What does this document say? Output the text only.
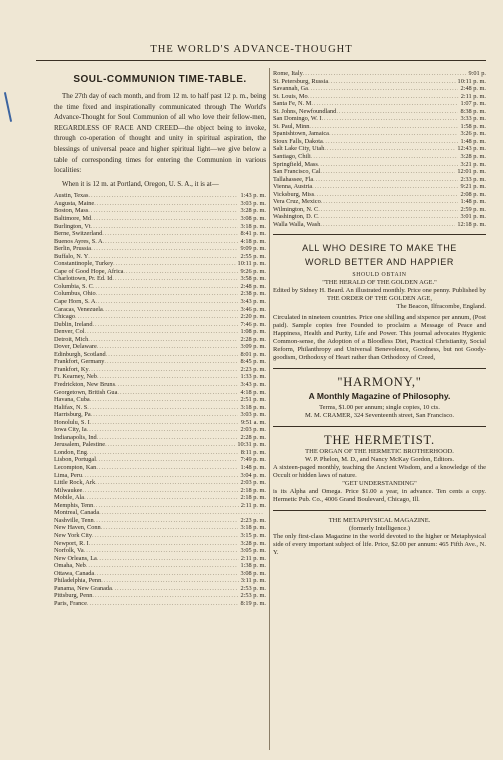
THE WORLD'S ADVANCE-THOUGHT
SOUL-COMMUNION TIME-TABLE.

The 27th day of each month, and from 12 m. to half past 12 p. m., being the time fixed and inspirationally communicated through The World's Advance-Thought for Soul Communion of all who love their fellow-men, REGARDLESS OF RACE AND CREED—the object being to invoke, through co-operation of thought and unity in spiritual aspiration, the blessings of universal peace and higher spiritual light—we give below a table of corresponding times for entering the Communion in various localities:

When it is 12 m. at Portland, Oregon, U. S. A., it is at—

Austin, Texas .....	1:43 p. m.
Augusta, Maine .....	3:03 p. m.
Boston, Mass .....	3:28 p. m.
Baltimore, Md .....	3:08 p. m.
Burlington, Vt .....	3:18 p. m.
Berne, Switzerland .....	8:41 p. m.
Buenos Ayres, S. A .....	4:18 p. m.
Berlin, Prussia .....	9:09 p. m.
Buffalo, N. Y .....	2:55 p. m.
Constantinople, Turkey .....	10:11 p. m.
Cape of Good Hope, Africa .....	9:26 p. m.
Charlottown, Pr. Ed. Id .....	3:58 p. m.
Columbia, S. C .....	2:48 p. m.
Columbus, Ohio .....	2:38 p. m.
Cape Horn, S. A .....	3:43 p. m.
Caracas, Venezuela .....	3:46 p. m.
Chicago .....	2:20 p. m.
Dublin, Ireland .....	7:46 p. m.
Denver, Col .....	1:08 p. m.
Detroit, Mich .....	2:28 p. m.
Dover, Delaware .....	3:09 p. m.
Edinburgh, Scotland .....	8:01 p. m.
Frankfort, Germany .....	8:45 p. m.
Frankfort, Ky .....	2:23 p. m.
Ft. Kearney, Neb .....	1:33 p. m.
Fredrickton, New Bruns .....	3:43 p. m.
Georgetown, British Gua .....	4:18 p. m.
Havana, Cuba .....	2:51 p. m.
Halifax, N. S .....	3:18 p. m.
Harrisburg, Pa .....	3:03 p. m.
Honolulu, S. I .....	9:51 a. m.
Iowa City, Ia .....	2:03 p. m.
Indianapolis, Ind .....	2:28 p. m.
Jerusalem, Palestine .....	10:31 p. m.
London, Eng .....	8:11 p. m.
Lisbon, Portugal .....	7:49 p. m.
Lecompton, Kan .....	1:48 p. m.
Lima, Peru .....	3:04 p. m.
Little Rock, Ark .....	2:03 p. m.
Milwaukee .....	2:18 p. m.
Mobile, Ala .....	2:18 p. m.
Memphis, Tenn .....	2:11 p. m.
Montreal, Canada
.....
Nashville, Tenn .....	2:23 p. m.
New Haven, Conn .....	3:18 p. m.
New York City .....	3:15 p. m.
Newport, R. I .....	3:28 p. m.
Norfolk, Va .....	3:05 p. m.
New Orleans, La .....	2:11 p. m.
Omaha, Neb .....	1:38 p. m.
Ottawa, Canada .....	3:08 p. m.
Philadelphia, Penn .....	3:11 p. m.
Panama, New Granada .....	2:53 p. m.
Pittsburg, Penn .....	2:53 p. m.
Paris, France .....	8:19 p. m.
Rome, Italy .....	9:01 p.
St. Petersburg, Russia .....	10:11 p. m.
Savannah, Ga .....	2:48 p. m.
St. Louis, Mo .....	2:11 p. m.
Santa Fe, N. M .....	1:07 p. m.
St. Johns, Newfoundland .....	8:38 p. m.
San Domingo, W. I .....	3:33 p. m.
St. Paul, Minn .....	1:58 p. m.
Spanishtown, Jamaica .....	3:26 p. m.
Sioux Falls, Dakota .....	1:48 p. m.
Salt Lake City, Utah .....	12:43 p. m.
Santiago, Chili .....	3:28 p. m.
Springfield, Mass .....	3:21 p. m.
San Francisco, Cal .....	12:01 p. m.
Tallahassee, Fla .....	2:33 p. m.
Vienna, Austria .....	9:21 p. m.
Vicksburg, Miss .....	2:08 p. m.
Vera Cruz, Mexico .....	1:48 p. m.
Wilmington, N. C .....	2:59 p. m.
Washington, D. C .....	3:01 p. m.
Walla Walla, Wash .....	12:18 p. m.
ALL WHO DESIRE TO MAKE THE
WORLD BETTER AND HAPPIER
SHOULD OBTAIN
"THE HERALD OF THE GOLDEN AGE."
Edited by Sidney H. Beard. An illustrated monthly. Price one penny. Published by
THE ORDER OF THE GOLDEN AGE,
The Beacon, Ilfracombe, England.
Circulated in nineteen countries. Price one shilling and sixpence per annum, (Post paid). Sample copies free Founded to proclaim a Message of Peace and Happiness, Health and Purity, Life and Power. This journal advocates Hygienic Common-sense, the Adoption of a Bloodless Diet, Practical Christianity, Social Reform, Philanthropy and Universal Benevolence, Goodness, but not Goody-goodism, Orthodoxy of Heart rather than Orthodoxy of Creed,
"HARMONY,"
A Monthly Magazine of Philosophy.
Terms, $1.00 per annum; single copies, 10 cts.
M. M. CRAMER, 324 Seventeenth street, San Francisco.
THE HERMETIST.
THE ORGAN OF THE HERMETIC BROTHERHOOD.
W. P. Phelon, M. D., and Nancy McKay Gordon, Editors.
A sixteen-paged monthly, teaching the Ancient Wisdom, and a knowledge of the Occult or hidden laws of nature.
"GET UNDERSTANDING"
is its Alpha and Omega. Price $1.00 a year, in advance. Ten cents a copy. Hermetic Pub. Co., 4006 Grand Boulevard, Chicago, Ill.
THE METAPHYSICAL MAGAZINE.
(formerly Intelligence.)
The only first-class Magazine in the world devoted to the higher or Metaphysical side of every important subject of life. Price, $2.00 per annum: 465 Fifth Ave., N. Y.
